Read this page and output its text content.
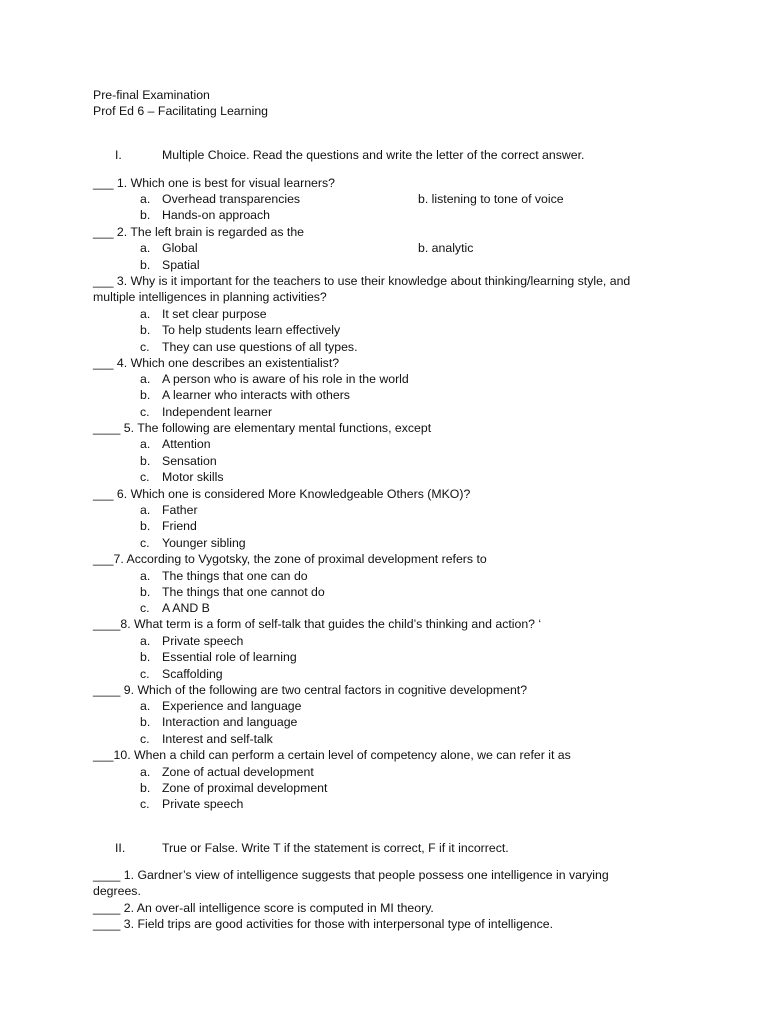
Pre-final Examination
Prof Ed 6 – Facilitating Learning
I.	Multiple Choice. Read the questions and write the letter of the correct answer.
___ 1. Which one is best for visual learners?
a. Overhead transparencies	b. listening to tone of voice
b. Hands-on approach
___ 2. The left brain is regarded as the
a. Global	b. analytic
b. Spatial
___ 3. Why is it important for the teachers to use their knowledge about thinking/learning style, and
multiple intelligences in planning activities?
a. It set clear purpose
b. To help students learn effectively
c. They can use questions of all types.
___ 4. Which one describes an existentialist?
a. A person who is aware of his role in the world
b. A learner who interacts with others
c. Independent learner
____ 5. The following are elementary mental functions, except
a. Attention
b. Sensation
c. Motor skills
___ 6. Which one is considered More Knowledgeable Others (MKO)?
a. Father
b. Friend
c. Younger sibling
___7. According to Vygotsky, the zone of proximal development refers to
a. The things that one can do
b. The things that one cannot do
c. A AND B
____8. What term is a form of self-talk that guides the child’s thinking and action? ‘
a. Private speech
b. Essential role of learning
c. Scaffolding
____ 9. Which of the following are two central factors in cognitive development?
a. Experience and language
b. Interaction and language
c. Interest and self-talk
___10. When a child can perform a certain level of competency alone, we can refer it as
a. Zone of actual development
b. Zone of proximal development
c. Private speech
II.	True or False. Write T if the statement is correct, F if it incorrect.
____ 1. Gardner’s view of intelligence suggests that people possess one intelligence in varying
degrees.
____ 2. An over-all intelligence score is computed in MI theory.
____ 3. Field trips are good activities for those with interpersonal type of intelligence.
